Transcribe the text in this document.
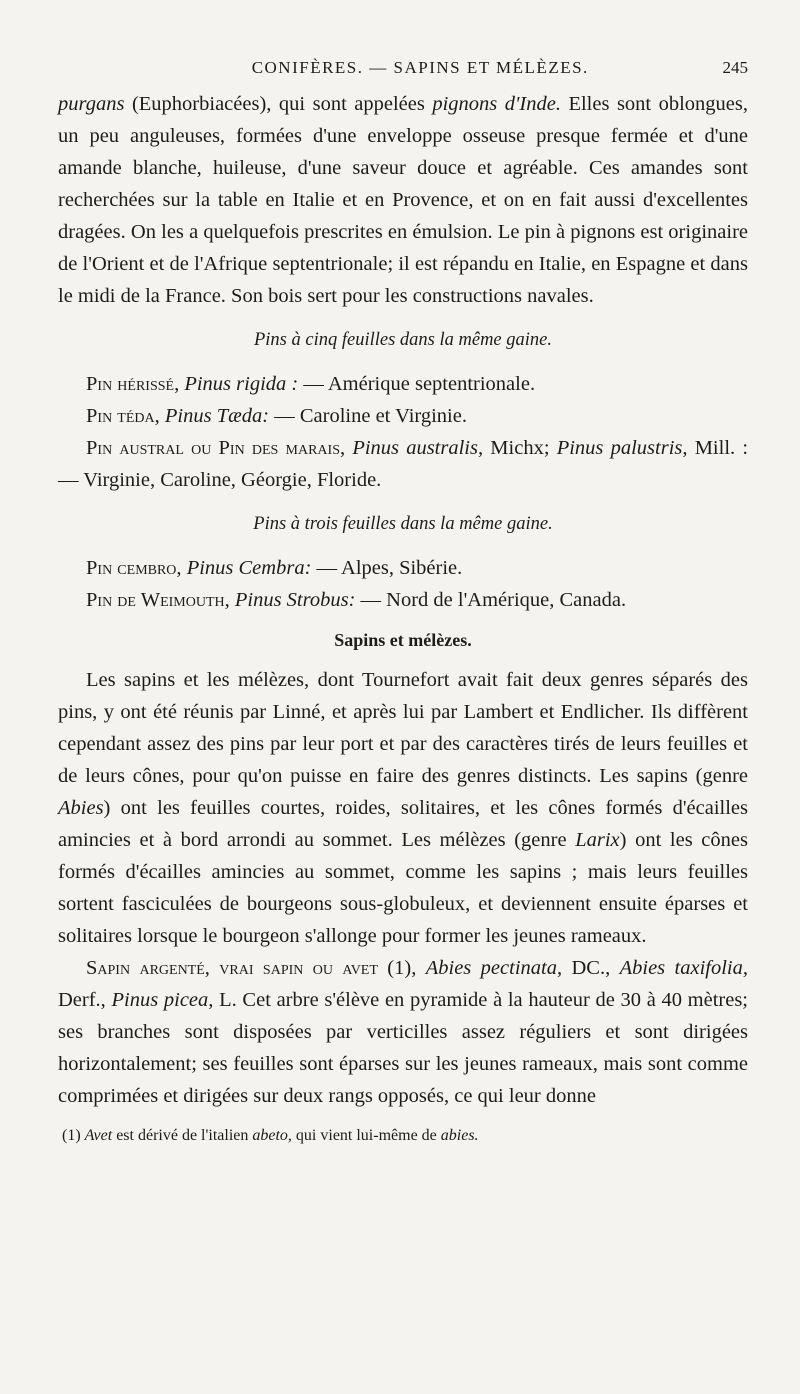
CONIFÈRES. — SAPINS ET MÉLÈZES.	245

purgans (Euphorbiacées), qui sont appelées pignons d'Inde. Elles sont oblongues, un peu anguleuses, formées d'une enveloppe osseuse presque fermée et d'une amande blanche, huileuse, d'une saveur douce et agréable. Ces amandes sont recherchées sur la table en Italie et en Provence, et on en fait aussi d'excellentes dragées. On les a quelquefois prescrites en émulsion. Le pin à pignons est originaire de l'Orient et de l'Afrique septentrionale; il est répandu en Italie, en Espagne et dans le midi de la France. Son bois sert pour les constructions navales.

Pins à cinq feuilles dans la même gaine.

Pin hérissé, Pinus rigida : — Amérique septentrionale.

Pin téda, Pinus Tæda: — Caroline et Virginie.

Pin austral ou Pin des marais, Pinus australis, Michx; Pinus palustris, Mill. : — Virginie, Caroline, Géorgie, Floride.

Pins à trois feuilles dans la même gaine.

Pin cembro, Pinus Cembra: — Alpes, Sibérie.

Pin de Weimouth, Pinus Strobus: — Nord de l'Amérique, Canada.

Sapins et mélèzes.

Les sapins et les mélèzes, dont Tournefort avait fait deux genres séparés des pins, y ont été réunis par Linné, et après lui par Lambert et Endlicher. Ils diffèrent cependant assez des pins par leur port et par des caractères tirés de leurs feuilles et de leurs cônes, pour qu'on puisse en faire des genres distincts. Les sapins (genre Abies) ont les feuilles courtes, roides, solitaires, et les cônes formés d'écailles amincies et à bord arrondi au sommet. Les mélèzes (genre Larix) ont les cônes formés d'écailles amincies au sommet, comme les sapins ; mais leurs feuilles sortent fasciculées de bourgeons sous-globuleux, et deviennent ensuite éparses et solitaires lorsque le bourgeon s'allonge pour former les jeunes rameaux.

Sapin argenté, vrai sapin ou avet (1), Abies pectinata, DC., Abies taxifolia, Derf., Pinus picea, L. Cet arbre s'élève en pyramide à la hauteur de 30 à 40 mètres; ses branches sont disposées par verticilles assez réguliers et sont dirigées horizontalement; ses feuilles sont éparses sur les jeunes rameaux, mais sont comme comprimées et dirigées sur deux rangs opposés, ce qui leur donne

(1) Avet est dérivé de l'italien abeto, qui vient lui-même de abies.
